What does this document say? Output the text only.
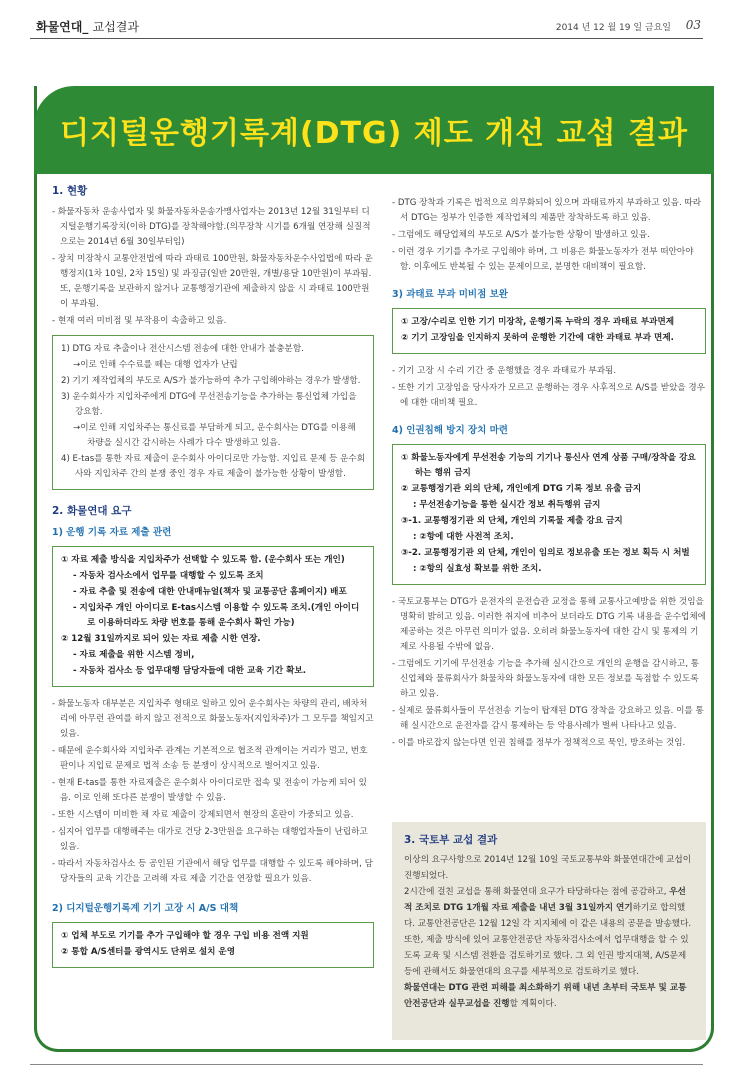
화물연대_ 교섭결과	2014 년 12 월 19 일 금요일 03
디지털운행기록계(DTG) 제도 개선 교섭 결과
1. 현황

- 화물자동차 운송사업자 및 화물자동차운송가맹사업자는 2013년 12월 31일부터 디지털운행기록장치(이하 DTG)를 장착해야함.(의무장착 시기를 6개월 연장해 실질적으로는 2014년 6월 30일부터임)

- 장치 미장착시 교통안전법에 따라 과태료 100만원, 화물자동차운수사업법에 따라 운행정지(1차 10일, 2차 15일) 및 과징금(일반 20만원, 개별/용달 10만원)이 부과됨. 또, 운행기록을 보관하지 않거나 교통행정기관에 제출하지 않을 시 과태료 100만원이 부과됨.

- 현재 여러 미비점 및 부작용이 속출하고 있음.

1) DTG 자료 추출이나 전산시스템 전송에 대한 안내가 불충분함.

→이로 인해 수수료를 떼는 대행 업자가 난립

2) 기기 제작업체의 부도로 A/S가 불가능하여 추가 구입해야하는 경우가 발생함.

3) 운수회사가 지입차주에게 DTG에 무선전송기능을 추가하는 통신업체 가입을 강요함.

→이로 인해 지입차주는 통신료를 부담하게 되고, 운수회사는 DTG를 이용해 차량을 실시간 감시하는 사례가 다수 발생하고 있음.

4) E-tas를 통한 자료 제출이 운수회사 아이디로만 가능함. 지입료 문제 등 운수회사와 지입차주 간의 분쟁 중인 경우 자료 제출이 불가능한 상황이 발생함.

2. 화물연대 요구
1) 운행 기록 자료 제출 관련

① 자료 제출 방식을 지입차주가 선택할 수 있도록 함. (운수회사 또는 개인)

- 자동차 검사소에서 업무를 대행할 수 있도록 조치

- 자료 추출 및 전송에 대한 안내매뉴얼(책자 및 교통공단 홈페이지) 배포

- 지입차주 개인 아이디로 E-tas시스템 이용할 수 있도록 조치.(개인 아이디로 이용하더라도 차량 번호를 통해 운수회사 확인 가능)

② 12월 31일까지로 되어 있는 자료 제출 시한 연장.

- 자료 제출을 위한 시스템 정비,

- 자동차 검사소 등 업무대행 담당자들에 대한 교육 기간 확보.

- 화물노동자 대부분은 지입차주 형태로 일하고 있어 운수회사는 차량의 관리, 배차처리에 아무런 관여를 하지 않고 전적으로 화물노동자(지입차주)가 그 모두를 책임지고 있음.

- 때문에 운수회사와 지입차주 관계는 기본적으로 협조적 관계이는 거리가 멀고, 번호판이나 지입료 문제로 법적 소송 등 분쟁이 상시적으로 벌어지고 있음.

- 현재 E-tas를 통한 자료제출은 운수회사 아이디로만 접속 및 전송이 가능케 되어 있음. 이로 인해 또다른 분쟁이 발생할 수 있음.

- 또한 시스템이 미비한 채 자료 제출이 강제되면서 현장의 혼란이 가중되고 있음.

- 심지어 업무를 대행해주는 대가로 건당 2-3만원을 요구하는 대행업자들이 난립하고 있음.

- 따라서 자동차검사소 등 공인된 기관에서 해당 업무를 대행할 수 있도록 해야하며, 담당자들의 교육 기간을 고려해 자료 제출 기간을 연장할 필요가 있음.

2) 디지털운행기록계 기기 고장 시 A/S 대책

① 업체 부도로 기기를 추가 구입해야 할 경우 구입 비용 전액 지원

② 통합 A/S센터를 광역시도 단위로 설치 운영

- DTG 장착과 기록은 법적으로 의무화되어 있으며 과태료까지 부과하고 있음. 따라서 DTG는 정부가 인증한 제작업체의 제품만 장착하도록 하고 있음.

- 그럼에도 해당업체의 부도로 A/S가 불가능한 상황이 발생하고 있음.

- 이런 경우 기기를 추가로 구입해야 하며, 그 비용은 화물노동자가 전부 떠안아야 함. 이후에도 반복될 수 있는 문제이므로, 분명한 대비책이 필요함.

3) 과태료 부과 미비점 보완

① 고장/수리로 인한 기기 미장착, 운행기록 누락의 경우 과태료 부과면제

② 기기 고장임을 인지하지 못하여 운행한 기간에 대한 과태료 부과 면제.

- 기기 고장 시 수리 기간 중 운행했을 경우 과태료가 부과됨.

- 또한 기기 고장임을 당사자가 모르고 운행하는 경우 사후적으로 A/S를 받았을 경우에 대한 대비책 필요.

4) 인권침해 방지 장치 마련

① 화물노동자에게 무선전송 기능의 기기나 통신사 연계 상품 구매/장착을 강요하는 행위 금지

② 교통행정기관 외의 단체, 개인에게 DTG 기록 정보 유출 금지

: 무선전송기능을 통한 실시간 정보 취득행위 금지

③-1. 교통행정기관 외 단체, 개인의 기록물 제출 강요 금지

: ②항에 대한 사전적 조치.

③-2. 교통행정기관 외 단체, 개인이 임의로 정보유출 또는 정보 획득 시 처벌

: ②항의 실효성 확보를 위한 조치.

- 국토교통부는 DTG가 운전자의 운전습관 교정을 통해 교통사고예방을 위한 것임을 명확히 밝히고 있음. 이러한 취지에 비추어 보더라도 DTG 기록 내용을 운수업체에 제공하는 것은 아무런 의미가 없음. 오히려 화물노동자에 대한 감시 및 통제의 기제로 사용될 수밖에 없음.

- 그럼에도 기기에 무선전송 기능을 추가해 실시간으로 개인의 운행을 감시하고, 통신업체와 물류회사가 화물차와 화물노동자에 대한 모든 정보를 독점할 수 있도록 하고 있음.

- 실제로 물류회사들이 무선전송 기능이 탑재된 DTG 장착을 강요하고 있음. 이를 통해 실시간으로 운전자를 감시 통제하는 등 악용사례가 벌써 나타나고 있음.

- 이를 바로잡지 않는다면 인권 침해를 정부가 정책적으로 묵인, 방조하는 것임.

3. 국토부 교섭 결과

이상의 요구사항으로 2014년 12월 10일 국토교통부와 화물연대간에 교섭이 진행되었다.

2시간에 걸친 교섭을 통해 화물연대 요구가 타당하다는 점에 공감하고, 우선적 조치로 DTG 1개월 자료 제출을 내년 3월 31일까지 연기하기로 합의했다. 교통안전공단은 12월 12일 각 지지체에 이 같은 내용의 공문을 발송했다.

또한, 제출 방식에 있어 교통안전공단 자동차검사소에서 업무대행을 할 수 있도록 교육 및 시스템 전환을 검토하기로 했다. 그 외 인권 방지대책, A/S문제 등에 관해서도 화물연대의 요구를 세부적으로 검토하기로 했다.

화물연대는 DTG 관련 피해를 최소화하기 위해 내년 초부터 국토부 및 교통안전공단과 실무교섭을 진행할 계획이다.
